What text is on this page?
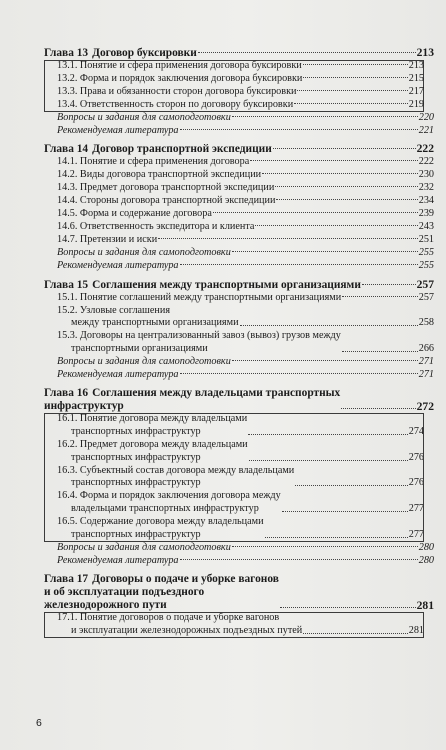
Глава 13 Договор буксировки	213
13.1. Понятие и сфера применения договора буксировки	213
13.2. Форма и порядок заключения договора буксировки	215
13.3. Права и обязанности сторон договора буксировки	217
13.4. Ответственность сторон по договору буксировки	219
Вопросы и задания для самоподготовки	220
Рекомендуемая литература	221
Глава 14 Договор транспортной экспедиции	222
14.1. Понятие и сфера применения договора	222
14.2. Виды договора транспортной экспедиции	230
14.3. Предмет договора транспортной экспедиции	232
14.4. Стороны договора транспортной экспедиции	234
14.5. Форма и содержание договора	239
14.6. Ответственность экспедитора и клиента	243
14.7. Претензии и иски	251
Вопросы и задания для самоподготовки	255
Рекомендуемая литература	255
Глава 15 Соглашения между транспортными организациями	257
15.1. Понятие соглашений между транспортными организациями	257
15.2. Узловые соглашения
между транспортными организациями	258
15.3. Договоры на централизованный завоз (вывоз) грузов между
транспортными организациями	266
Вопросы и задания для самоподготовки	271
Рекомендуемая литература	271
Глава 16 Соглашения между владельцами транспортных
инфраструктур	272
16.1. Понятие договора между владельцами
транспортных инфраструктур	274
16.2. Предмет договора между владельцами
транспортных инфраструктур	276
16.3. Субъектный состав договора между владельцами
транспортных инфраструктур	276
16.4. Форма и порядок заключения договора между
владельцами транспортных инфраструктур	277
16.5. Содержание договора между владельцами
транспортных инфраструктур	277
Вопросы и задания для самоподготовки	280
Рекомендуемая литература	280
Глава 17 Договоры о подаче и уборке вагонов
и об эксплуатации подъездного
железнодорожного пути	281
17.1. Понятие договоров о подаче и уборке вагонов
и эксплуатации железнодорожных подъездных путей	281
6
